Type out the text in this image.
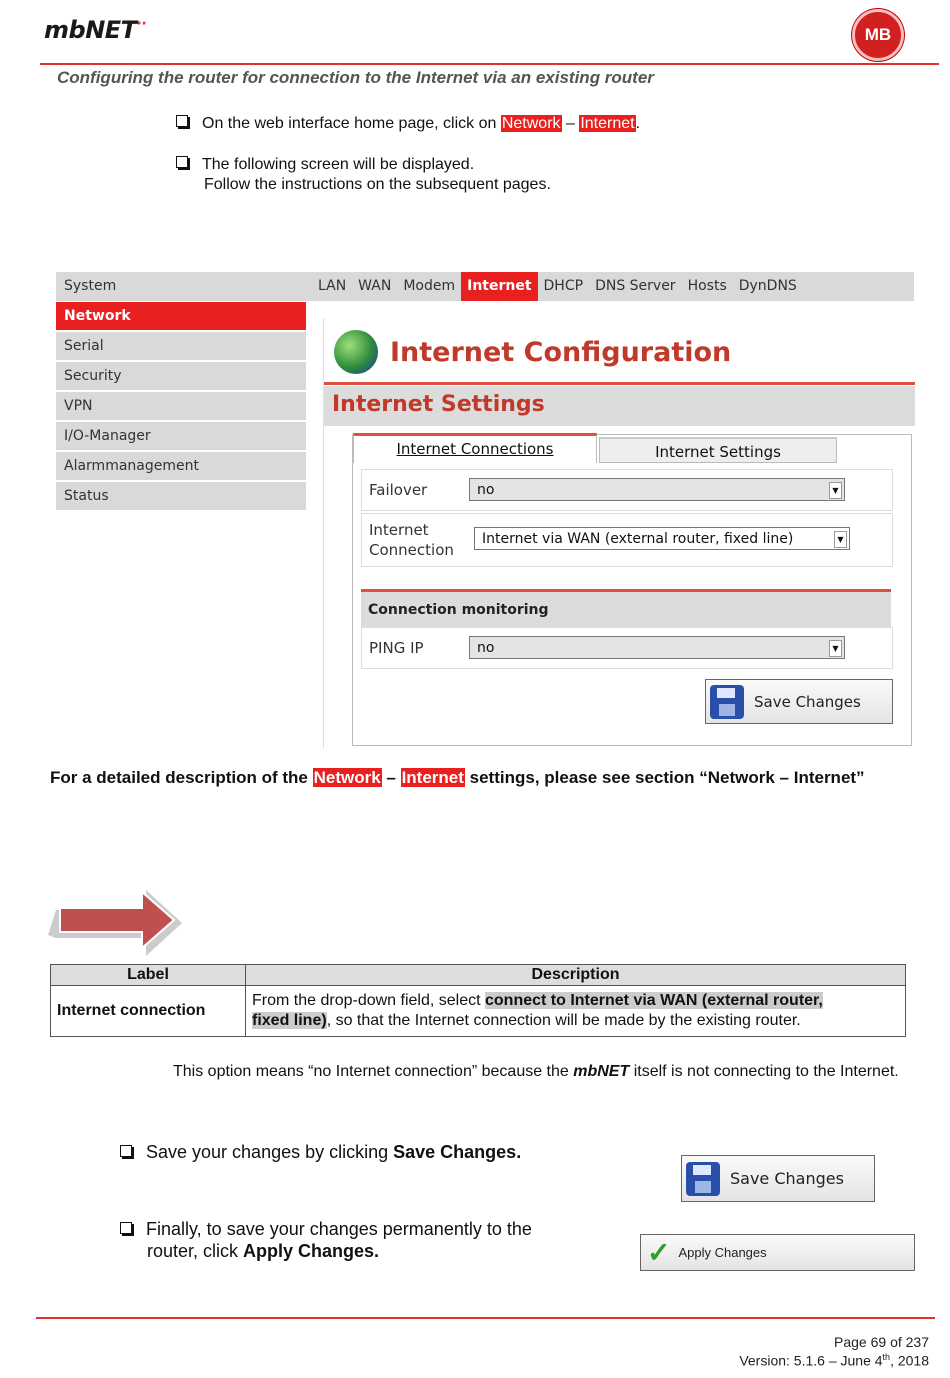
mbNET··
MB
Configuring the router for connection to the Internet via an existing router
On the web interface home page, click on Network – Internet.
The following screen will be displayed.
Follow the instructions on the subsequent pages.
System	LAN WAN Modem Internet DHCP DNS Server Hosts DynDNS
Network
Serial
Security
VPN
I/O-Manager
Alarmmanagement
Status
Internet Configuration
Internet Settings
Internet Connections	Internet Settings
Failover	no	▼
Internet
Connection
Internet via WAN (external router, fixed line)	▼
Connection monitoring
PING IP	no	▼
Save Changes
For a detailed description of the Network – Internet settings, please see section “Network – Internet”
Label	Description
Internet connection	From the drop-down field, select connect to Internet via WAN (external router,
fixed line), so that the Internet connection will be made by the existing router.
This option means “no Internet connection” because the mbNET itself is not connecting to the Internet.
Save your changes by clicking Save Changes.
Save Changes
Finally, to save your changes permanently to the
router, click Apply Changes.	✓ Apply Changes
Page 69 of 237
Version: 5.1.6 – June 4th, 2018
